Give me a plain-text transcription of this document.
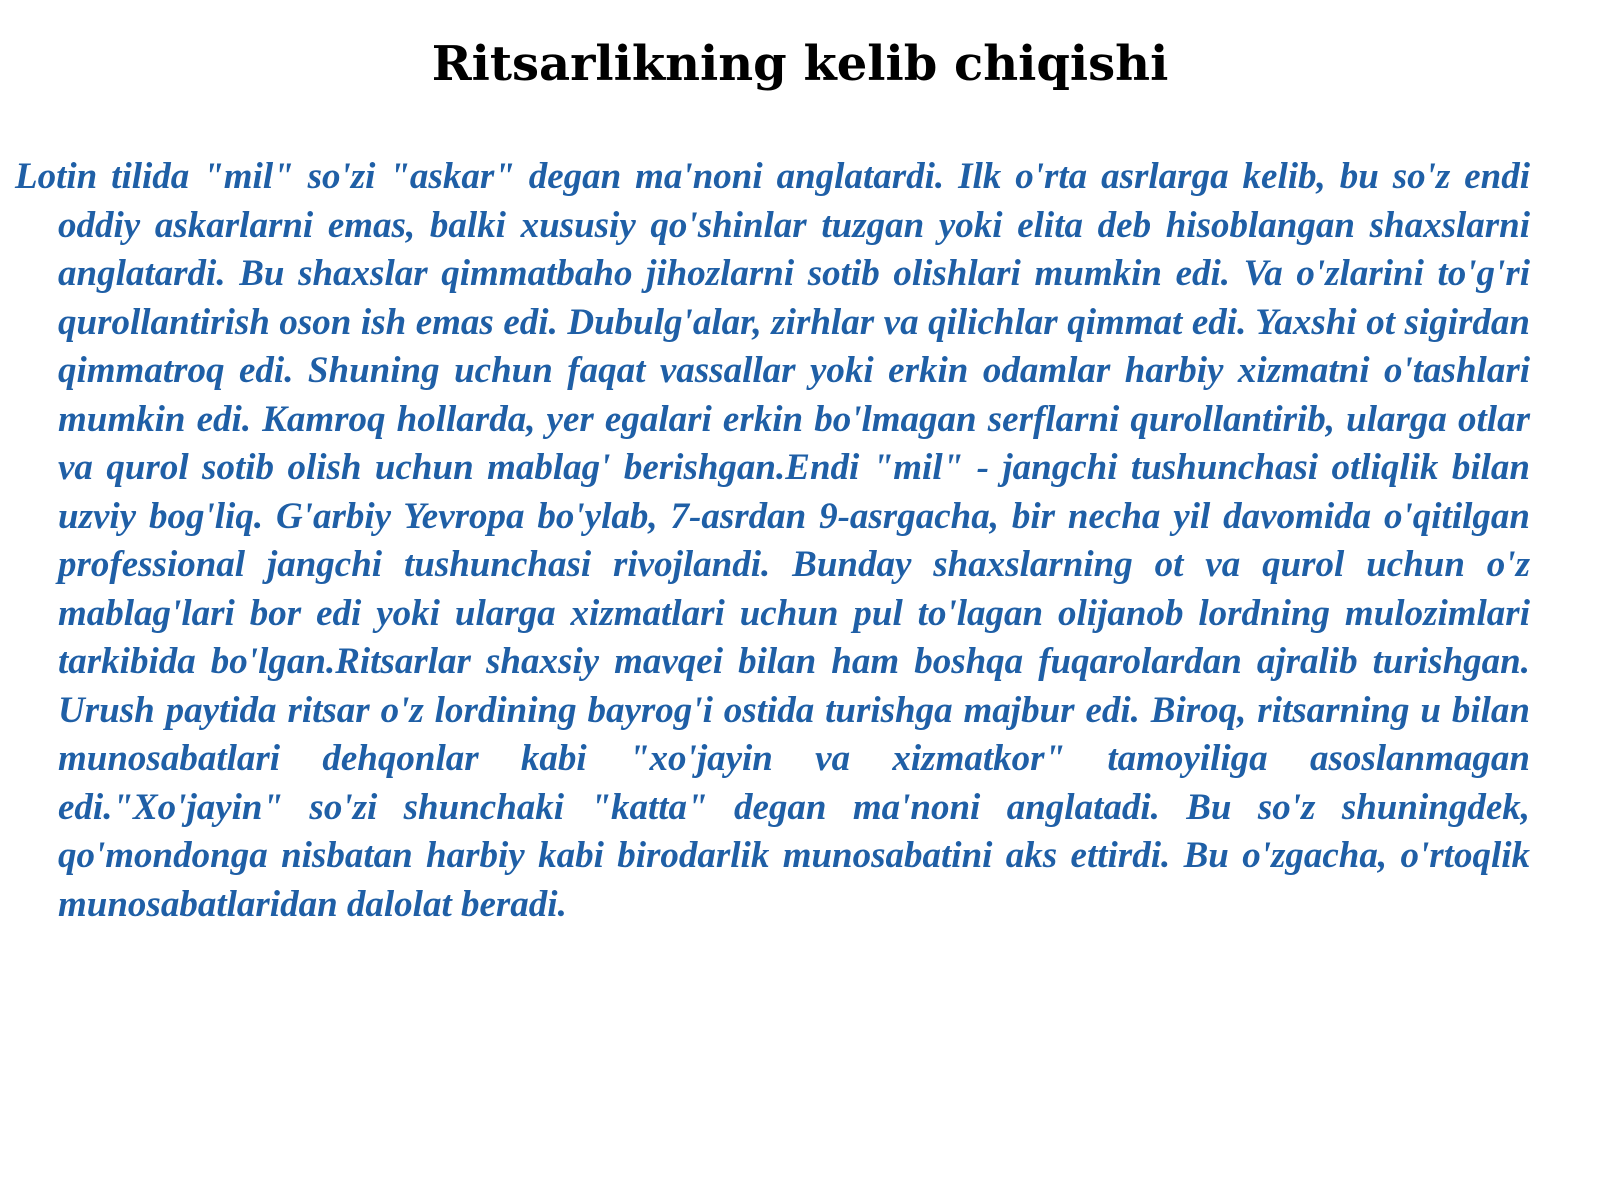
Ritsarlikning kelib chiqishi

Lotin tilida "mil" so'zi "askar" degan ma'noni anglatardi. Ilk o'rta asrlarga kelib, bu so'z endi oddiy askarlarni emas, balki xususiy qo'shinlar tuzgan yoki elita deb hisoblangan shaxslarni anglatardi. Bu shaxslar qimmatbaho jihozlarni sotib olishlari mumkin edi. Va o'zlarini to'g'ri qurollantirish oson ish emas edi. Dubulg'alar, zirhlar va qilichlar qimmat edi. Yaxshi ot sigirdan qimmatroq edi. Shuning uchun faqat vassallar yoki erkin odamlar harbiy xizmatni o'tashlari mumkin edi. Kamroq hollarda, yer egalari erkin bo'lmagan serflarni qurollantirib, ularga otlar va qurol sotib olish uchun mablag' berishgan.Endi "mil" - jangchi tushunchasi otliqlik bilan uzviy bog'liq. G'arbiy Yevropa bo'ylab, 7-asrdan 9-asrgacha, bir necha yil davomida o'qitilgan professional jangchi tushunchasi rivojlandi. Bunday shaxslarning ot va qurol uchun o'z mablag'lari bor edi yoki ularga xizmatlari uchun pul to'lagan olijanob lordning mulozimlari tarkibida bo'lgan.Ritsarlar shaxsiy mavqei bilan ham boshqa fuqarolardan ajralib turishgan. Urush paytida ritsar o'z lordining bayrog'i ostida turishga majbur edi. Biroq, ritsarning u bilan munosabatlari dehqonlar kabi "xo'jayin va xizmatkor" tamoyiliga asoslanmagan edi."Xo'jayin" so'zi shunchaki "katta" degan ma'noni anglatadi. Bu so'z shuningdek, qo'mondonga nisbatan harbiy kabi birodarlik munosabatini aks ettirdi. Bu o'zgacha, o'rtoqlik munosabatlaridan dalolat beradi.
